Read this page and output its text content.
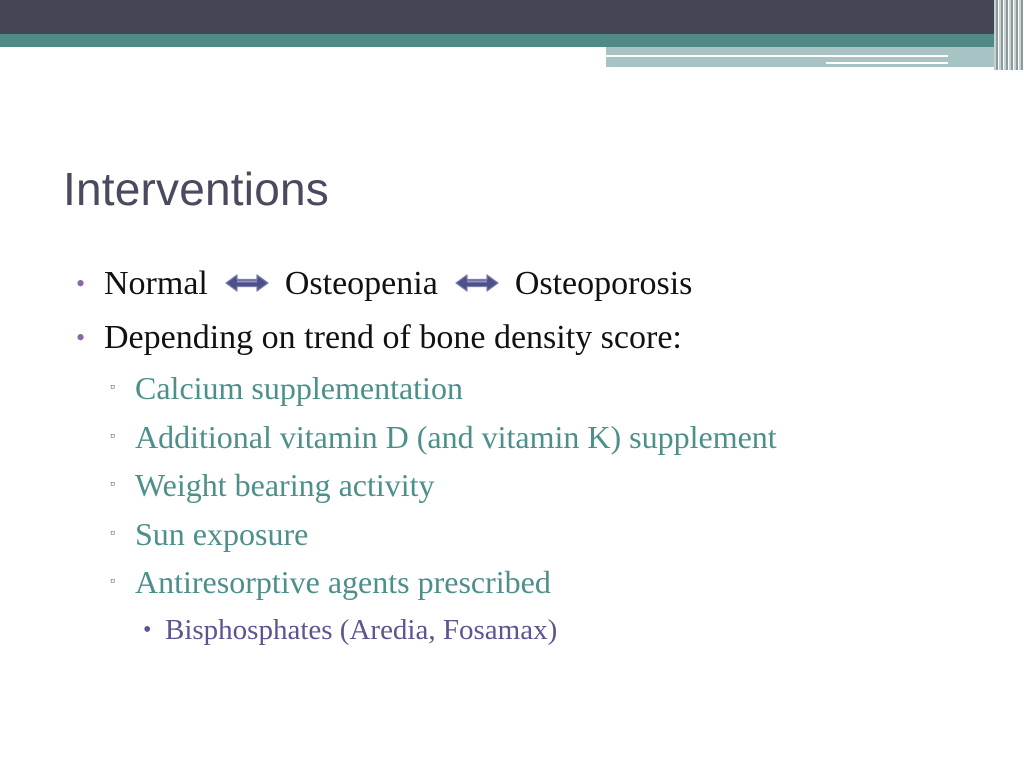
Interventions
• Normal Osteopenia Osteoporosis
• Depending on trend of bone density score:
▫ Calcium supplementation
▫ Additional vitamin D (and vitamin K) supplement
▫ Weight bearing activity
▫ Sun exposure
▫ Antiresorptive agents prescribed
• Bisphosphates (Aredia, Fosamax)
